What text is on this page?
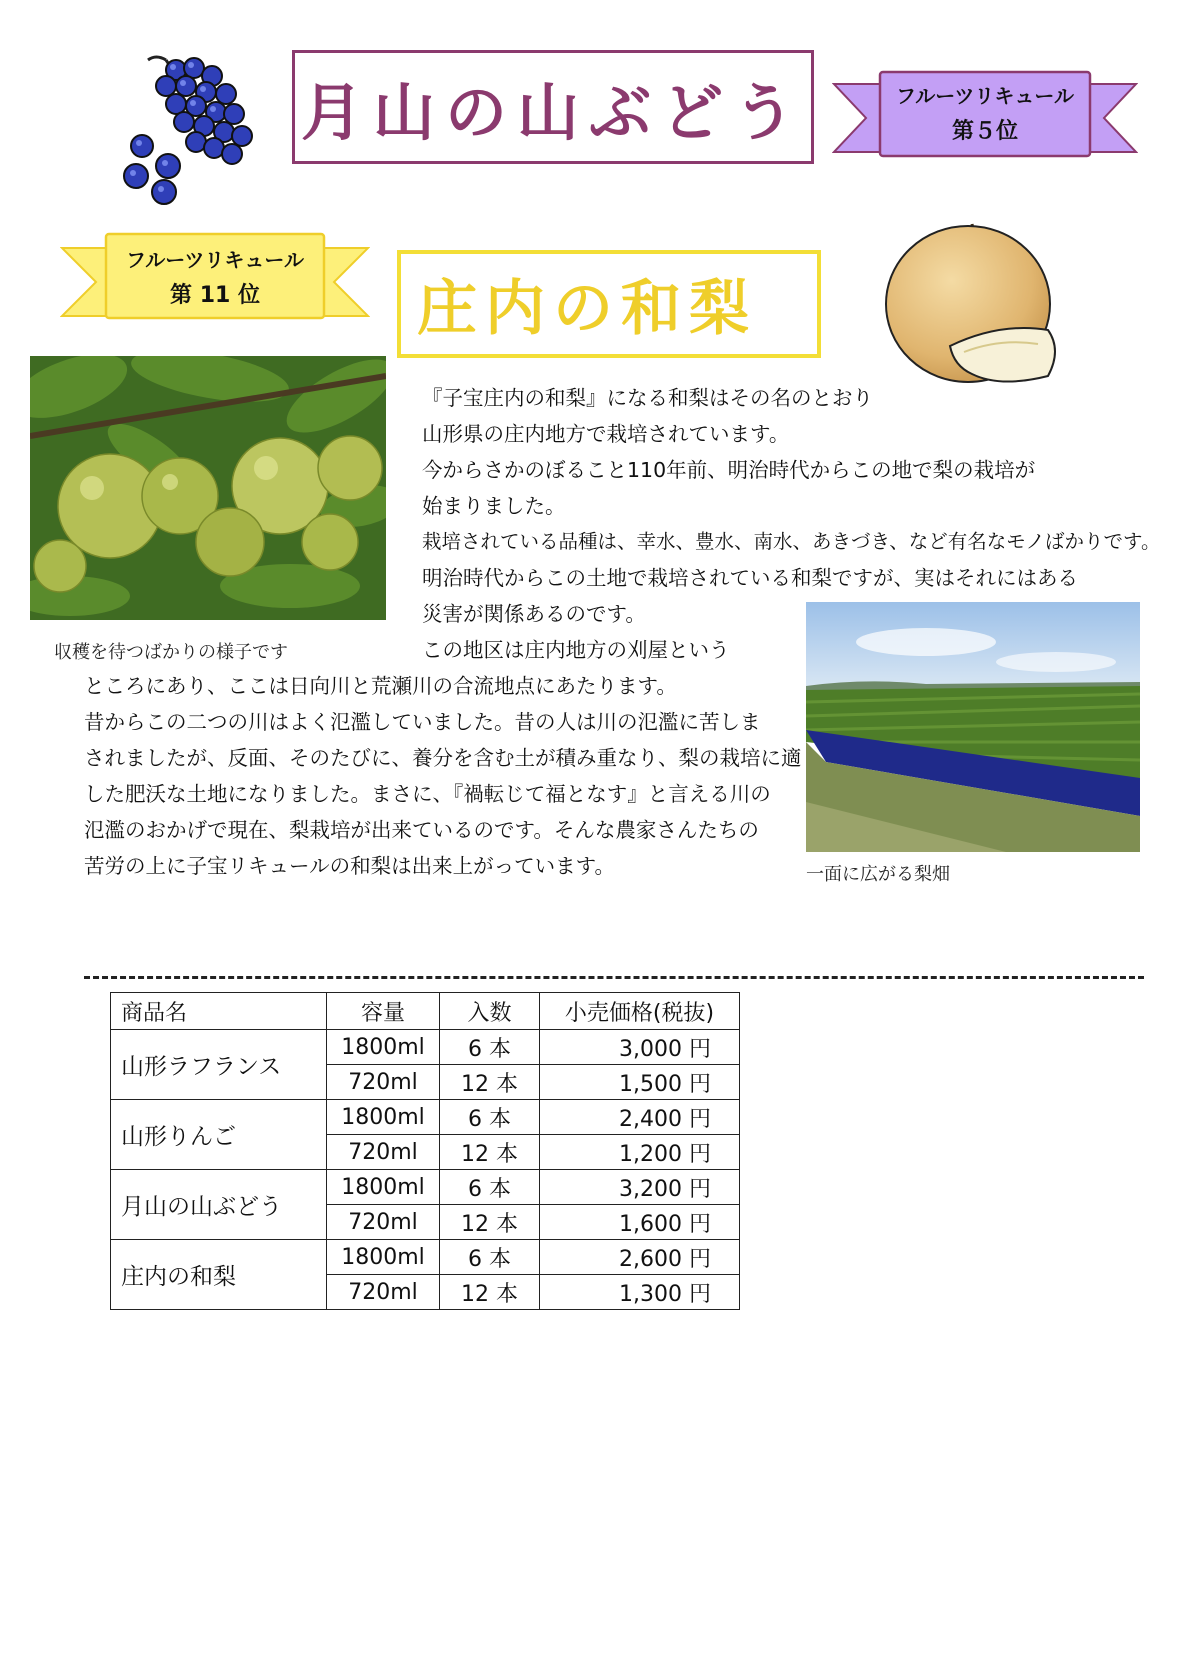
月山の山ぶどう	フルーツリキュール
第５位
フルーツリキュール
第 11 位	庄内の和梨
収穫を待つばかりの様子です
一面に広がる梨畑
『子宝庄内の和梨』になる和梨はその名のとおり
山形県の庄内地方で栽培されています。
今からさかのぼること110年前、明治時代からこの地で梨の栽培が
始まりました。
栽培されている品種は、幸水、豊水、南水、あきづき、など有名なモノばかりです。
明治時代からこの土地で栽培されている和梨ですが、実はそれにはある
災害が関係あるのです。
この地区は庄内地方の刈屋という
ところにあり、ここは日向川と荒瀬川の合流地点にあたります。
昔からこの二つの川はよく氾濫していました。昔の人は川の氾濫に苦しま
されましたが、反面、そのたびに、養分を含む土が積み重なり、梨の栽培に適
した肥沃な土地になりました。まさに、『禍転じて福となす』と言える川の
氾濫のおかげで現在、梨栽培が出来ているのです。そんな農家さんたちの
苦労の上に子宝リキュールの和梨は出来上がっています。
商品名	容量	入数	小売価格(税抜)
山形ラフランス	1800ml	6 本	3,000 円
	720ml	12 本	1,500 円
山形りんご	1800ml	6 本	2,400 円
	720ml	12 本	1,200 円
月山の山ぶどう	1800ml	6 本	3,200 円
	720ml	12 本	1,600 円
庄内の和梨	1800ml	6 本	2,600 円
	720ml	12 本	1,300 円
